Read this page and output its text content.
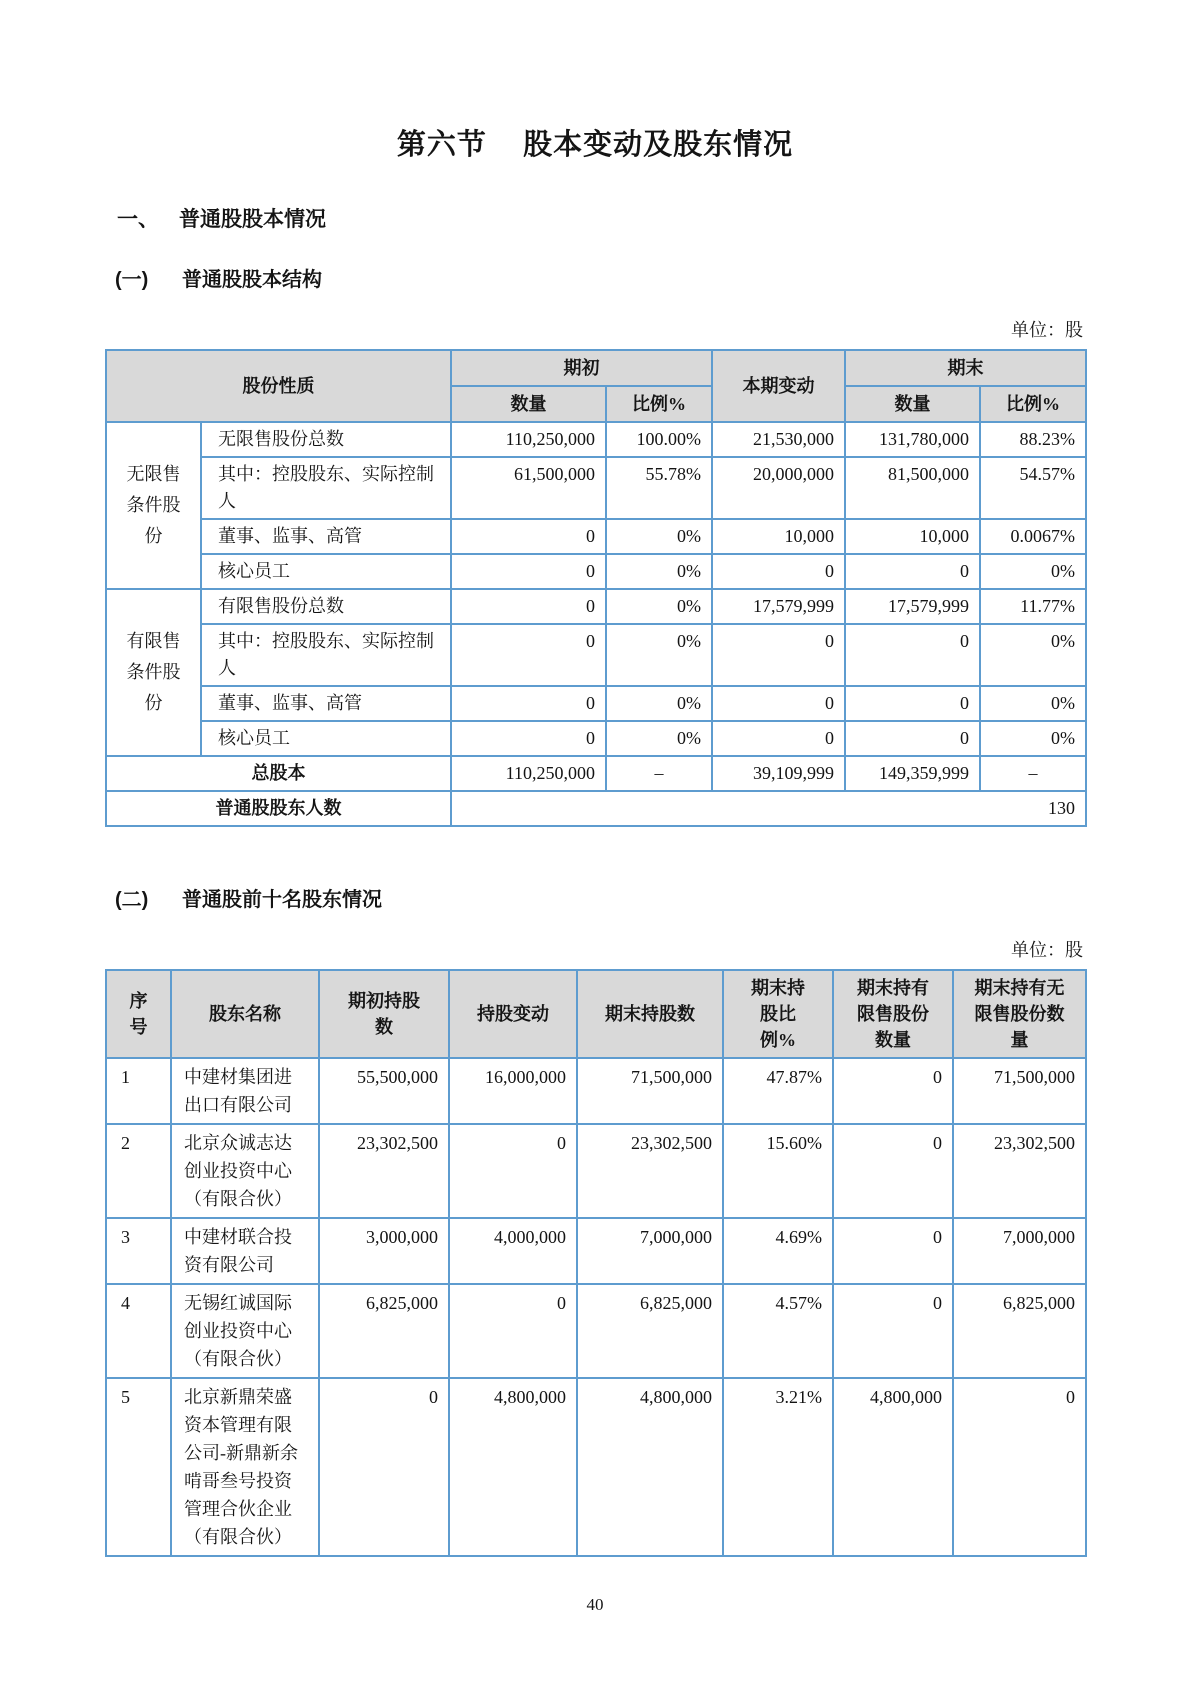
第六节    股本变动及股东情况
一、 普通股股本情况
(一)	普通股股本结构
单位：股
股份性质		期初		本期变动	期末	
		数量	比例%		数量	比例%
无限售条件股份	无限售股份总数	110,250,000	100.00%	21,530,000	131,780,000	88.23%
	其中：控股股东、实际控制人	61,500,000	55.78%	20,000,000	81,500,000	54.57%
	董事、监事、高管	0	0%	10,000	10,000	0.0067%
	核心员工	0	0%	0	0	0%
有限售条件股份	有限售股份总数	0	0%	17,579,999	17,579,999	11.77%
	其中：控股股东、实际控制人	0	0%	0	0	0%
	董事、监事、高管	0	0%	0	0	0%
	核心员工	0	0%	0	0	0%
总股本		110,250,000	–	39,109,999	149,359,999	–
普通股股东人数		130				
(二)	普通股前十名股东情况
单位：股
序号	股东名称	期初持股数	持股变动	期末持股数	期末持股比例%	期末持有限售股份数量	期末持有无限售股份数量
1	中建材集团进出口有限公司	55,500,000	16,000,000	71,500,000	47.87%	0	71,500,000
2	北京众诚志达创业投资中心（有限合伙）	23,302,500	0	23,302,500	15.60%	0	23,302,500
3	中建材联合投资有限公司	3,000,000	4,000,000	7,000,000	4.69%	0	7,000,000
4	无锡红诚国际创业投资中心（有限合伙）	6,825,000	0	6,825,000	4.57%	0	6,825,000
5	北京新鼎荣盛资本管理有限公司-新鼎新余啃哥叁号投资管理合伙企业（有限合伙）	0	4,800,000	4,800,000	3.21%	4,800,000	0
40
